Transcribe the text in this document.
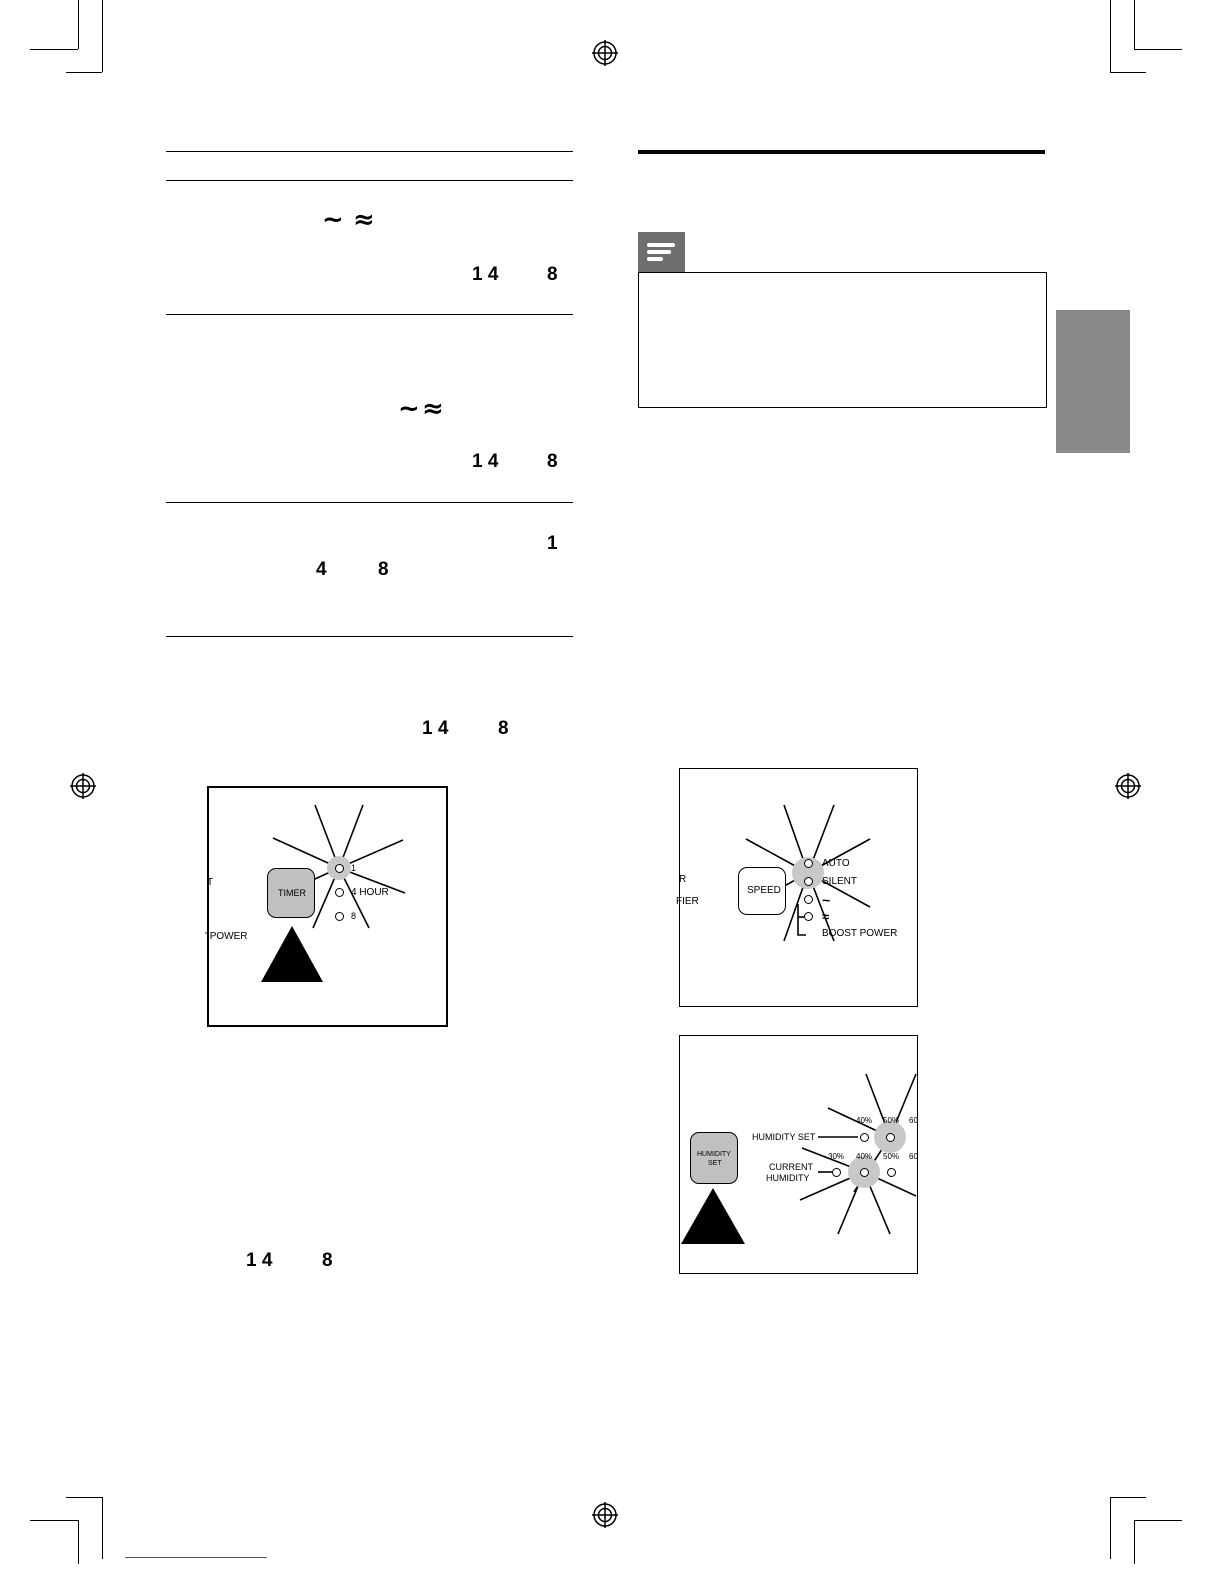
~ ≈
1 4	8
~ ≈
1 4	8
1
4	8
1 4	8
TIMER
1
4 HOUR
8
T
' POWER
1 4	8
SPEED
AUTO
SILENT
~
≈
BOOST POWER
R
FIER
HUMIDITY
SET
HUMIDITY SET
CURRENT
HUMIDITY
40% 50% 60
30% 40% 50% 60
